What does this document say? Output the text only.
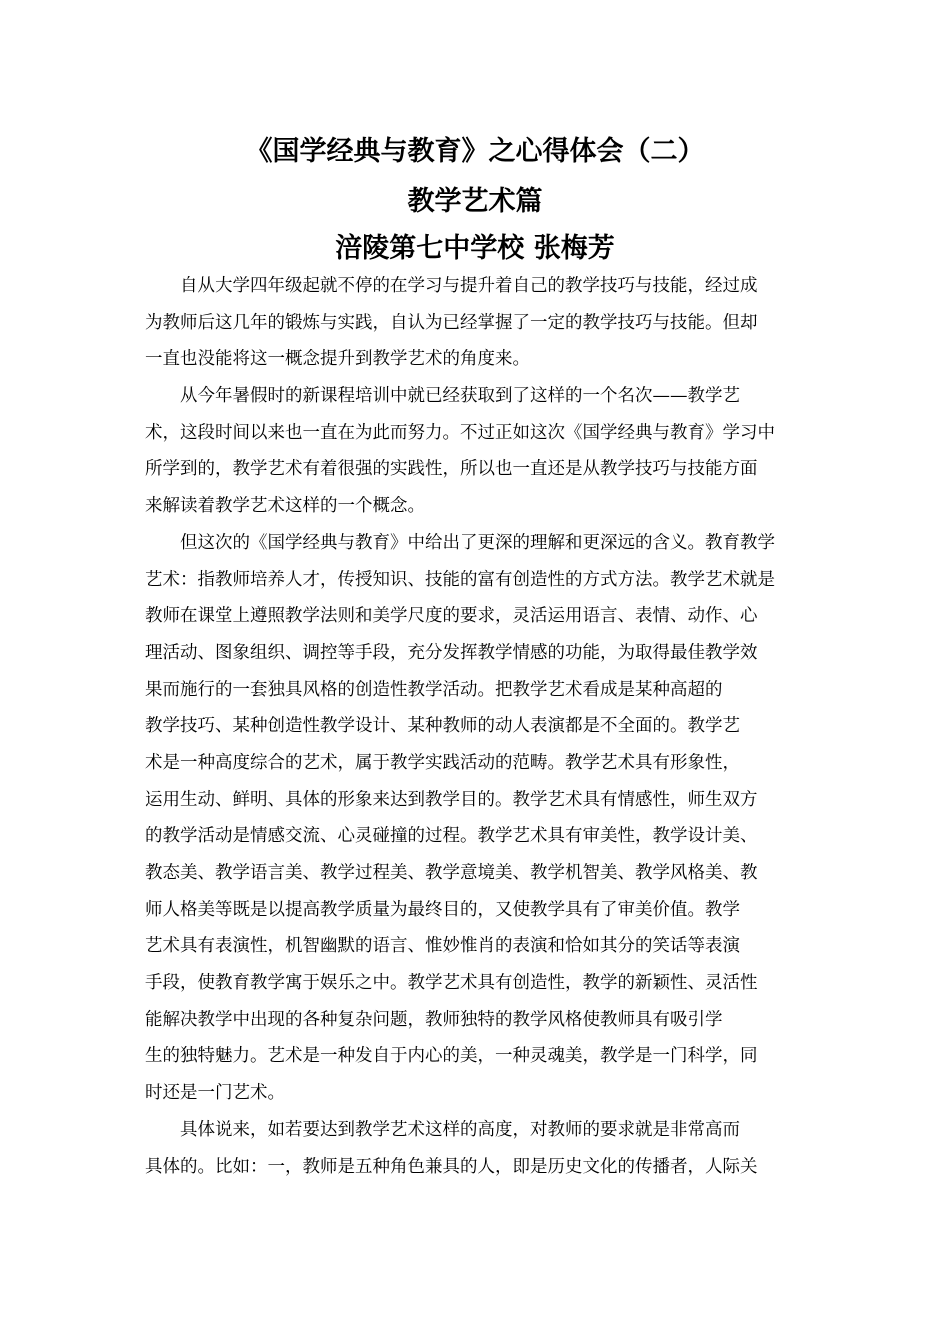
《国学经典与教育》之心得体会（二）
教学艺术篇
涪陵第七中学校 张梅芳
自从大学四年级起就不停的在学习与提升着自己的教学技巧与技能，经过成
为教师后这几年的锻炼与实践，自认为已经掌握了一定的教学技巧与技能。但却
一直也没能将这一概念提升到教学艺术的角度来。
从今年暑假时的新课程培训中就已经获取到了这样的一个名次——教学艺
术，这段时间以来也一直在为此而努力。不过正如这次《国学经典与教育》学习中
所学到的，教学艺术有着很强的实践性，所以也一直还是从教学技巧与技能方面
来解读着教学艺术这样的一个概念。
但这次的《国学经典与教育》中给出了更深的理解和更深远的含义。教育教学
艺术：指教师培养人才，传授知识、技能的富有创造性的方式方法。教学艺术就是
教师在课堂上遵照教学法则和美学尺度的要求，灵活运用语言、表情、动作、心
理活动、图象组织、调控等手段，充分发挥教学情感的功能，为取得最佳教学效
果而施行的一套独具风格的创造性教学活动。把教学艺术看成是某种高超的
教学技巧、某种创造性教学设计、某种教师的动人表演都是不全面的。教学艺
术是一种高度综合的艺术，属于教学实践活动的范畴。教学艺术具有形象性，
运用生动、鲜明、具体的形象来达到教学目的。教学艺术具有情感性，师生双方
的教学活动是情感交流、心灵碰撞的过程。教学艺术具有审美性，教学设计美、
教态美、教学语言美、教学过程美、教学意境美、教学机智美、教学风格美、教
师人格美等既是以提高教学质量为最终目的，又使教学具有了审美价值。教学
艺术具有表演性，机智幽默的语言、惟妙惟肖的表演和恰如其分的笑话等表演
手段，使教育教学寓于娱乐之中。教学艺术具有创造性，教学的新颖性、灵活性
能解决教学中出现的各种复杂问题，教师独特的教学风格使教师具有吸引学
生的独特魅力。艺术是一种发自于内心的美，一种灵魂美，教学是一门科学，同
时还是一门艺术。
具体说来，如若要达到教学艺术这样的高度，对教师的要求就是非常高而
具体的。比如：一，教师是五种角色兼具的人，即是历史文化的传播者，人际关
